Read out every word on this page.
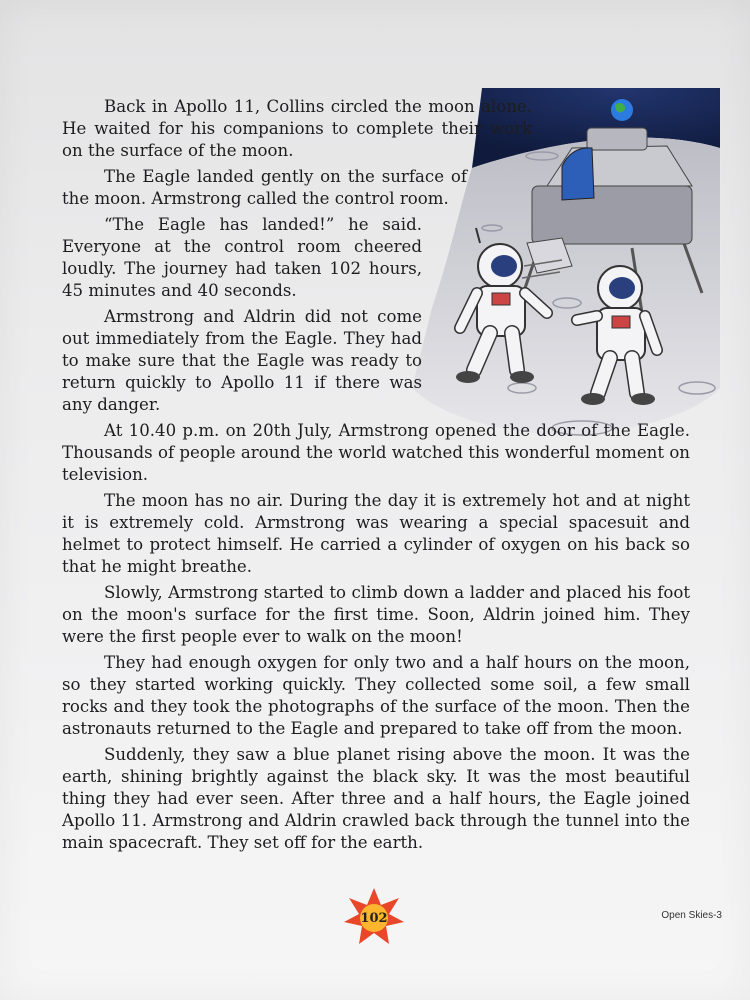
Back in Apollo 11, Collins circled the moon alone. He waited for his companions to complete their work on the surface of the moon.

The Eagle landed gently on the surface of the moon. Armstrong called the control room.

“The Eagle has landed!” he said. Everyone at the control room cheered loudly. The journey had taken 102 hours, 45 minutes and 40 seconds.

Armstrong and Aldrin did not come out immediately from the Eagle. They had to make sure that the Eagle was ready to return quickly to Apollo 11 if there was any danger.

At 10.40 p.m. on 20th July, Armstrong opened the door of the Eagle. Thousands of people around the world watched this wonderful moment on television.

The moon has no air. During the day it is extremely hot and at night it is extremely cold. Armstrong was wearing a special spacesuit and helmet to protect himself. He carried a cylinder of oxygen on his back so that he might breathe.

Slowly, Armstrong started to climb down a ladder and placed his foot on the moon's surface for the first time. Soon, Aldrin joined him. They were the first people ever to walk on the moon!

They had enough oxygen for only two and a half hours on the moon, so they started working quickly. They collected some soil, a few small rocks and they took the photographs of the surface of the moon. Then the astronauts returned to the Eagle and prepared to take off from the moon.

Suddenly, they saw a blue planet rising above the moon. It was the earth, shining brightly against the black sky. It was the most beautiful thing they had ever seen. After three and a half hours, the Eagle joined Apollo 11. Armstrong and Aldrin crawled back through the tunnel into the main spacecraft. They set off for the earth.

102	Open Skies-3
